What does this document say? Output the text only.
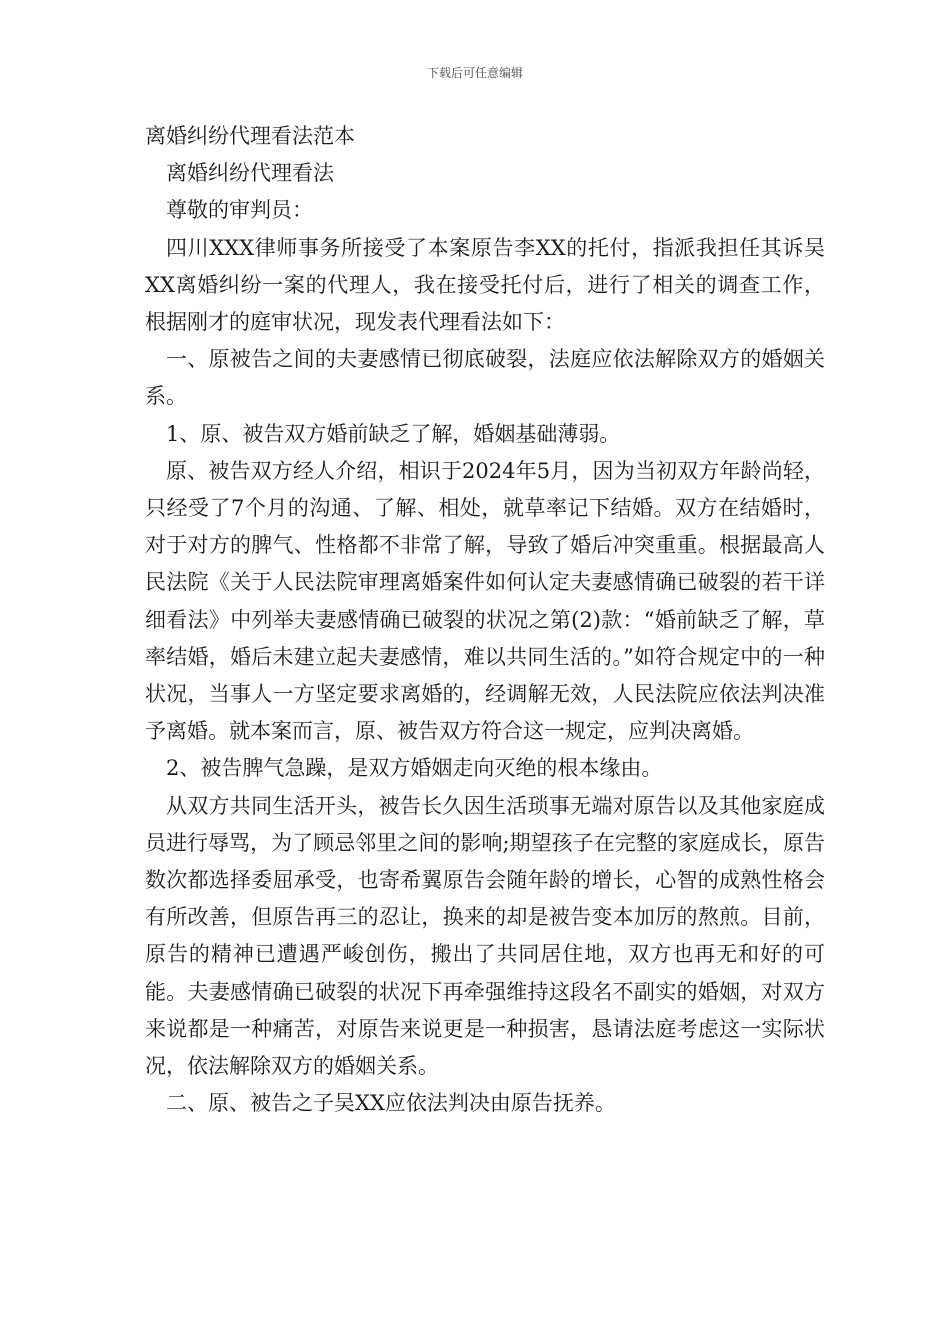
下载后可任意编辑

离婚纠纷代理看法范本

离婚纠纷代理看法

尊敬的审判员：

四川XXX律师事务所接受了本案原告李XX的托付，指派我担任其诉吴XX离婚纠纷一案的代理人，我在接受托付后，进行了相关的调查工作，根据刚才的庭审状况，现发表代理看法如下：

一、原被告之间的夫妻感情已彻底破裂，法庭应依法解除双方的婚姻关系。

1、原、被告双方婚前缺乏了解，婚姻基础薄弱。

原、被告双方经人介绍，相识于2024年5月，因为当初双方年龄尚轻，只经受了7个月的沟通、了解、相处，就草率记下结婚。双方在结婚时，对于对方的脾气、性格都不非常了解，导致了婚后冲突重重。根据最高人民法院《关于人民法院审理离婚案件如何认定夫妻感情确已破裂的若干详细看法》中列举夫妻感情确已破裂的状况之第(2)款：“婚前缺乏了解，草率结婚，婚后未建立起夫妻感情，难以共同生活的。”如符合规定中的一种状况，当事人一方坚定要求离婚的，经调解无效，人民法院应依法判决准予离婚。就本案而言，原、被告双方符合这一规定，应判决离婚。

2、被告脾气急躁，是双方婚姻走向灭绝的根本缘由。

从双方共同生活开头，被告长久因生活琐事无端对原告以及其他家庭成员进行辱骂，为了顾忌邻里之间的影响;期望孩子在完整的家庭成长，原告数次都选择委屈承受，也寄希翼原告会随年龄的增长，心智的成熟性格会有所改善，但原告再三的忍让，换来的却是被告变本加厉的熬煎。目前，原告的精神已遭遇严峻创伤，搬出了共同居住地，双方也再无和好的可能。夫妻感情确已破裂的状况下再牵强维持这段名不副实的婚姻，对双方来说都是一种痛苦，对原告来说更是一种损害，恳请法庭考虑这一实际状况，依法解除双方的婚姻关系。

二、原、被告之子吴XX应依法判决由原告抚养。
